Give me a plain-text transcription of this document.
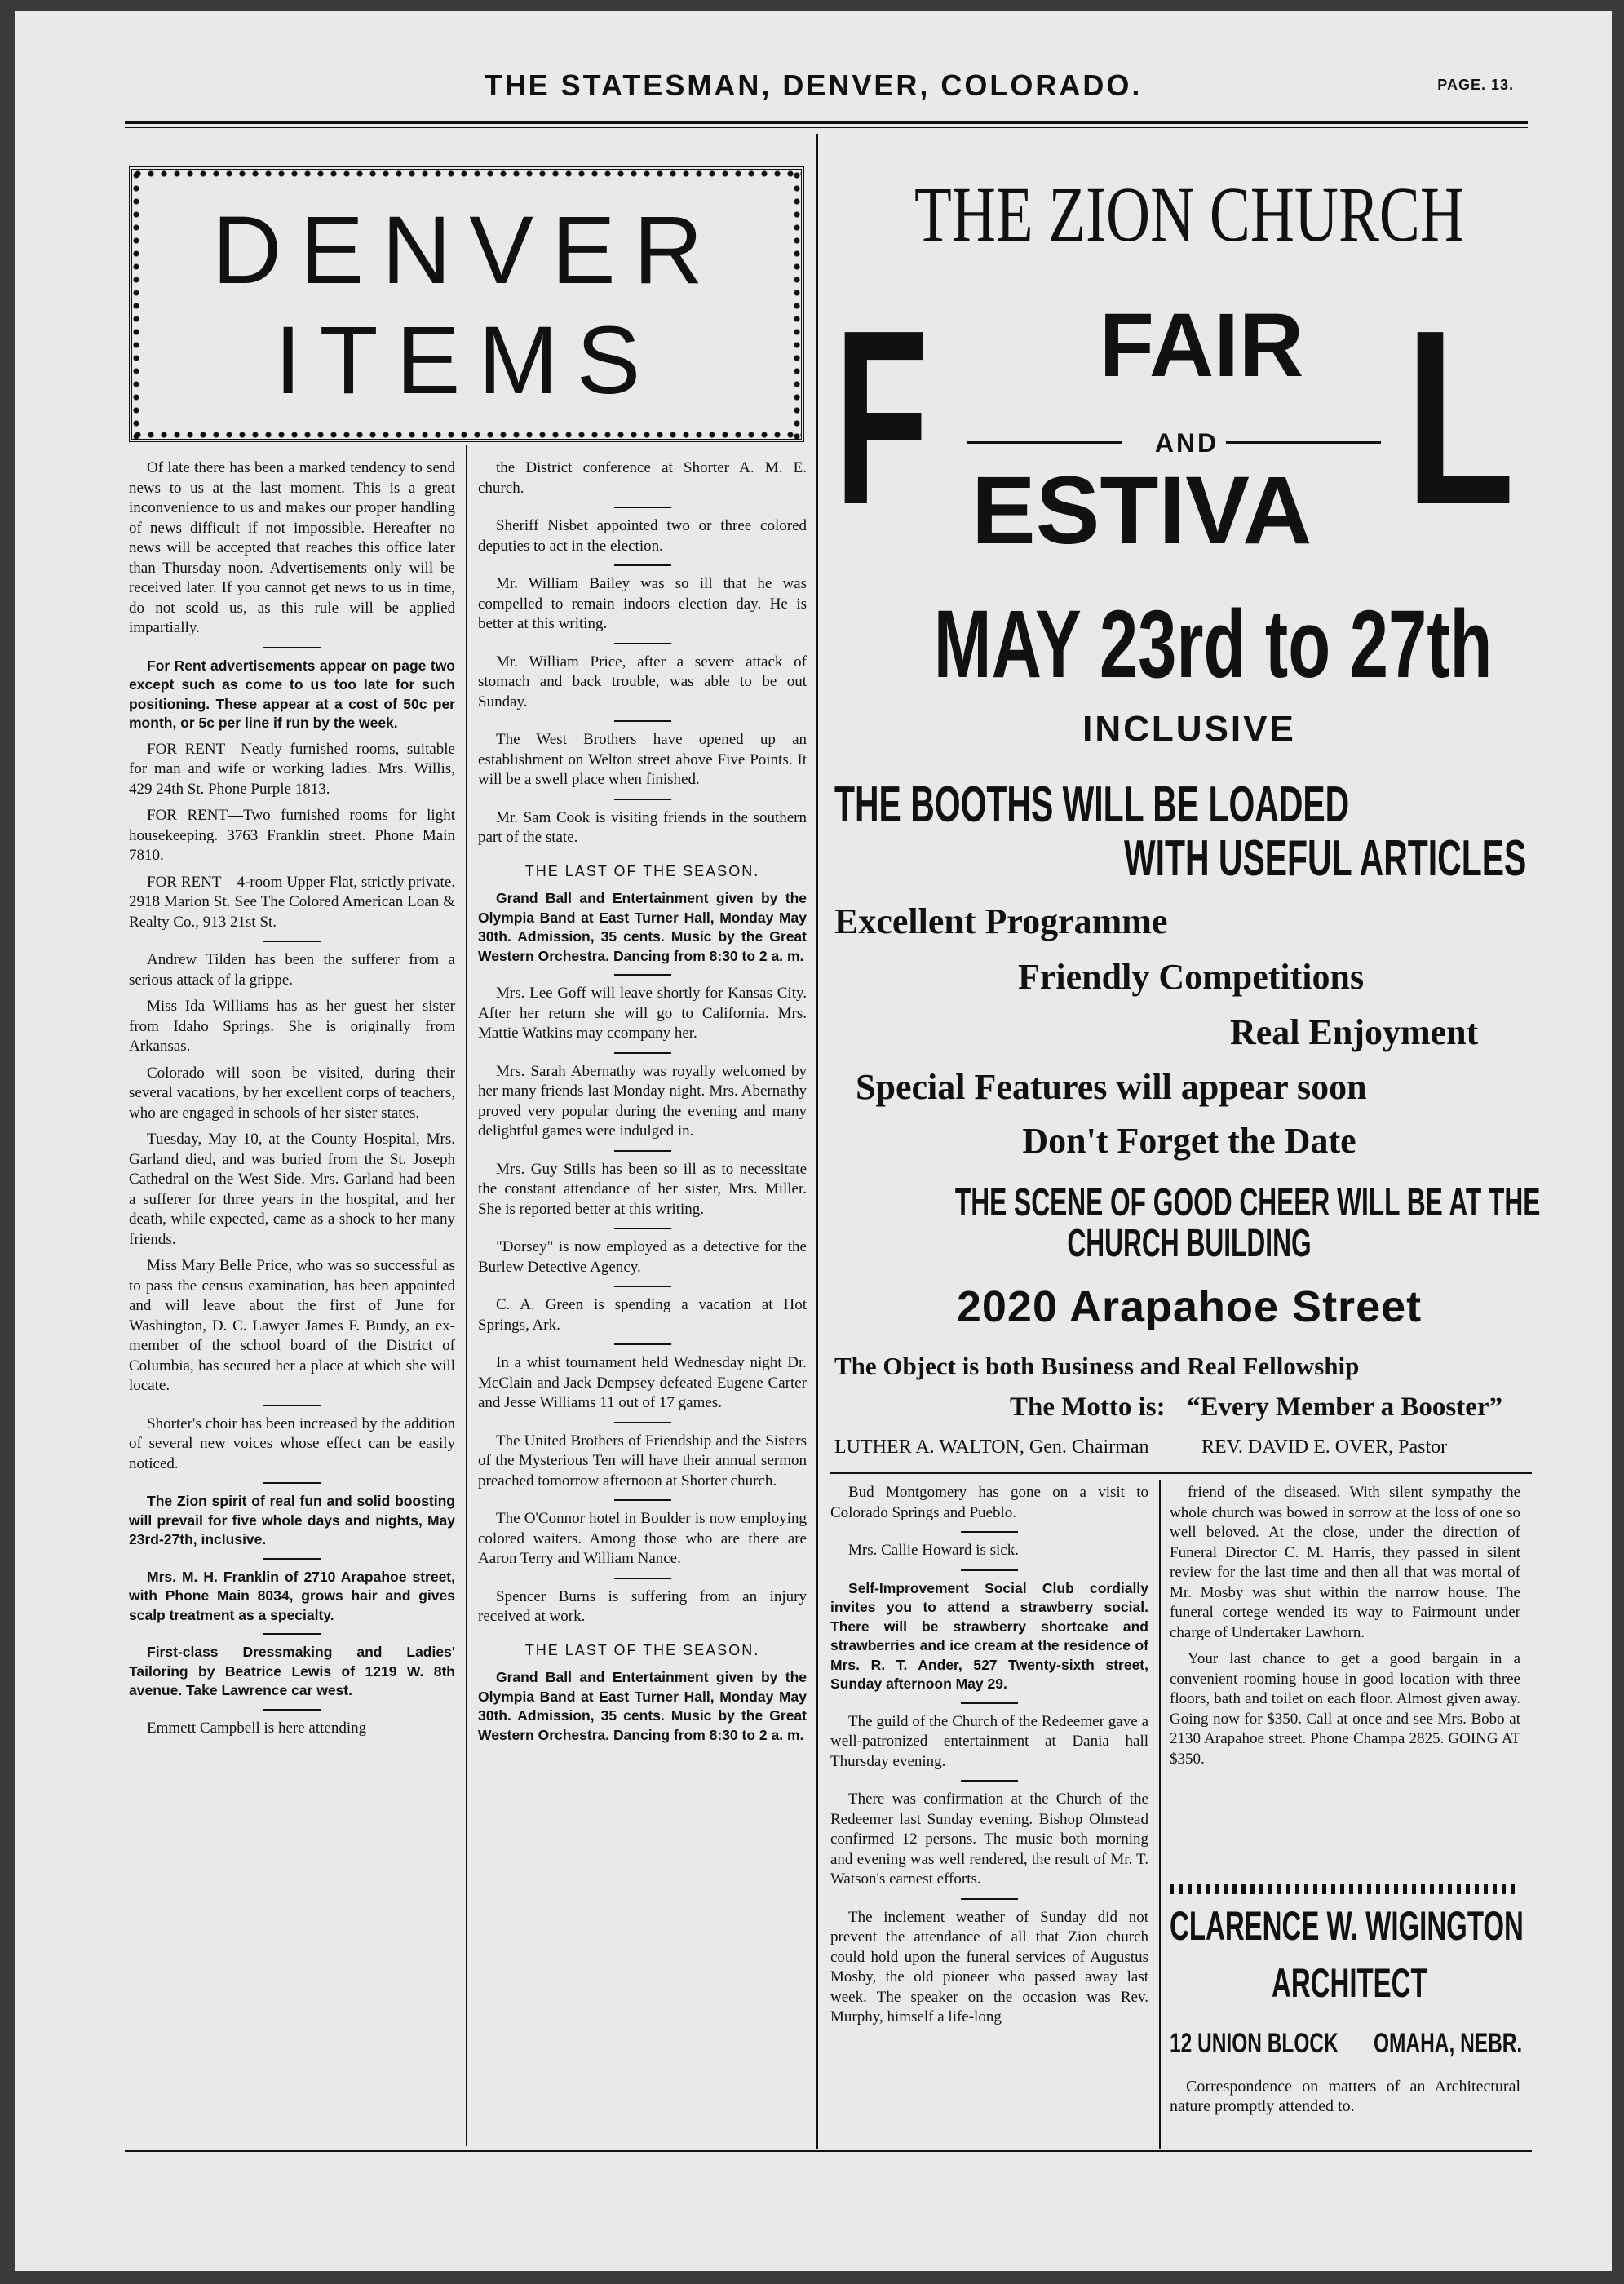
THE STATESMAN, DENVER, COLORADO.	PAGE. 13.
DENVER
ITEMS

Of late there has been a marked tendency to send news to us at the last moment. This is a great inconvenience to us and makes our proper handling of news difficult if not impossible. Hereafter no news will be accepted that reaches this office later than Thursday noon. Advertisements only will be received later. If you cannot get news to us in time, do not scold us, as this rule will be applied impartially.

For Rent advertisements appear on page two except such as come to us too late for such positioning. These appear at a cost of 50c per month, or 5c per line if run by the week.

FOR RENT—Neatly furnished rooms, suitable for man and wife or working ladies. Mrs. Willis, 429 24th St. Phone Purple 1813.

FOR RENT—Two furnished rooms for light housekeeping. 3763 Franklin street. Phone Main 7810.

FOR RENT—4-room Upper Flat, strictly private. 2918 Marion St. See The Colored American Loan & Realty Co., 913 21st St.

Andrew Tilden has been the sufferer from a serious attack of la grippe.

Miss Ida Williams has as her guest her sister from Idaho Springs. She is originally from Arkansas.

Colorado will soon be visited, during their several vacations, by her excellent corps of teachers, who are engaged in schools of her sister states.

Tuesday, May 10, at the County Hospital, Mrs. Garland died, and was buried from the St. Joseph Cathedral on the West Side. Mrs. Garland had been a sufferer for three years in the hospital, and her death, while expected, came as a shock to her many friends.

Miss Mary Belle Price, who was so successful as to pass the census examination, has been appointed and will leave about the first of June for Washington, D. C. Lawyer James F. Bundy, an ex-member of the school board of the District of Columbia, has secured her a place at which she will locate.

Shorter's choir has been increased by the addition of several new voices whose effect can be easily noticed.

The Zion spirit of real fun and solid boosting will prevail for five whole days and nights, May 23rd-27th, inclusive.

Mrs. M. H. Franklin of 2710 Arapahoe street, with Phone Main 8034, grows hair and gives scalp treatment as a specialty.

First-class Dressmaking and Ladies' Tailoring by Beatrice Lewis of 1219 W. 8th avenue. Take Lawrence car west.

Emmett Campbell is here attending

the District conference at Shorter A. M. E. church.

Sheriff Nisbet appointed two or three colored deputies to act in the election.

Mr. William Bailey was so ill that he was compelled to remain indoors election day. He is better at this writing.

Mr. William Price, after a severe attack of stomach and back trouble, was able to be out Sunday.

The West Brothers have opened up an establishment on Welton street above Five Points. It will be a swell place when finished.

Mr. Sam Cook is visiting friends in the southern part of the state.

THE LAST OF THE SEASON.

Grand Ball and Entertainment given by the Olympia Band at East Turner Hall, Monday May 30th. Admission, 35 cents. Music by the Great Western Orchestra. Dancing from 8:30 to 2 a. m.

Mrs. Lee Goff will leave shortly for Kansas City. After her return she will go to California. Mrs. Mattie Watkins may ccompany her.

Mrs. Sarah Abernathy was royally welcomed by her many friends last Monday night. Mrs. Abernathy proved very popular during the evening and many delightful games were indulged in.

Mrs. Guy Stills has been so ill as to necessitate the constant attendance of her sister, Mrs. Miller. She is reported better at this writing.

"Dorsey" is now employed as a detective for the Burlew Detective Agency.

C. A. Green is spending a vacation at Hot Springs, Ark.

In a whist tournament held Wednesday night Dr. McClain and Jack Dempsey defeated Eugene Carter and Jesse Williams 11 out of 17 games.

The United Brothers of Friendship and the Sisters of the Mysterious Ten will have their annual sermon preached tomorrow afternoon at Shorter church.

The O'Connor hotel in Boulder is now employing colored waiters. Among those who are there are Aaron Terry and William Nance.

Spencer Burns is suffering from an injury received at work.

THE LAST OF THE SEASON.

Grand Ball and Entertainment given by the Olympia Band at East Turner Hall, Monday May 30th. Admission, 35 cents. Music by the Great Western Orchestra. Dancing from 8:30 to 2 a. m.

THE ZION CHURCH
F L
FAIR
AND
ESTIVA
MAY 23rd to 27th
INCLUSIVE
THE BOOTHS WILL BE LOADED
WITH USEFUL ARTICLES
Excellent Programme
Friendly Competitions
Real Enjoyment
Special Features will appear soon
Don't Forget the Date
THE SCENE OF GOOD CHEER WILL BE AT THE
CHURCH BUILDING
2020 Arapahoe Street
The Object is both Business and Real Fellowship
The Motto is: “Every Member a Booster”
LUTHER A. WALTON, Gen. Chairman	REV. DAVID E. OVER, Pastor

Bud Montgomery has gone on a visit to Colorado Springs and Pueblo.

Mrs. Callie Howard is sick.

Self-Improvement Social Club cordially invites you to attend a strawberry social. There will be strawberry shortcake and strawberries and ice cream at the residence of Mrs. R. T. Ander, 527 Twenty-sixth street, Sunday afternoon May 29.

The guild of the Church of the Redeemer gave a well-patronized entertainment at Dania hall Thursday evening.

There was confirmation at the Church of the Redeemer last Sunday evening. Bishop Olmstead confirmed 12 persons. The music both morning and evening was well rendered, the result of Mr. T. Watson's earnest efforts.

The inclement weather of Sunday did not prevent the attendance of all that Zion church could hold upon the funeral services of Augustus Mosby, the old pioneer who passed away last week. The speaker on the occasion was Rev. Murphy, himself a life-long

friend of the diseased. With silent sympathy the whole church was bowed in sorrow at the loss of one so well beloved. At the close, under the direction of Funeral Director C. M. Harris, they passed in silent review for the last time and then all that was mortal of Mr. Mosby was shut within the narrow house. The funeral cortege wended its way to Fairmount under charge of Undertaker Lawhorn.

Your last chance to get a good bargain in a convenient rooming house in good location with three floors, bath and toilet on each floor. Almost given away. Going now for $350. Call at once and see Mrs. Bobo at 2130 Arapahoe street. Phone Champa 2825. GOING AT $350.

CLARENCE W. WIGINGTON
ARCHITECT
12 UNION BLOCK OMAHA, NEBR.
Correspondence on matters of an Architectural nature promptly attended to.
